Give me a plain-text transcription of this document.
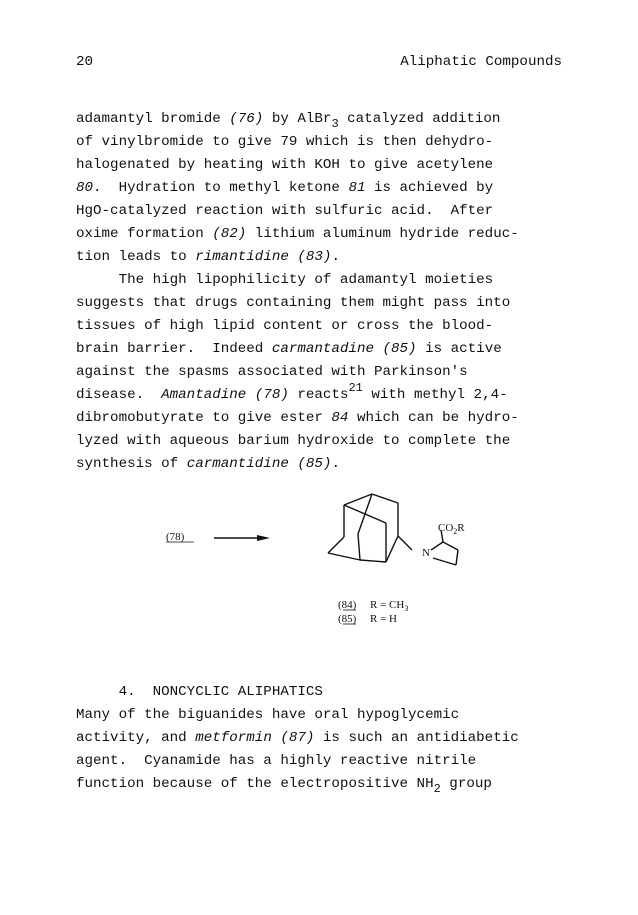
20	Aliphatic Compounds
adamantyl bromide (76) by AlBr$_3$ catalyzed addition
of vinylbromide to give 79 which is then dehydro-
halogenated by heating with KOH to give acetylene
80.  Hydration to methyl ketone 81 is achieved by
HgO-catalyzed reaction with sulfuric acid.  After
oxime formation (82) lithium aluminum hydride reduc-
tion leads to rimantidine (83).
The high lipophilicity of adamantyl moieties
suggests that drugs containing them might pass into
tissues of high lipid content or cross the blood-
brain barrier.  Indeed carmantadine (85) is active
against the spasms associated with Parkinson's
disease.  Amantadine (78) reacts$^{21}$ with methyl 2,4-
dibromobutyrate to give ester 84 which can be hydro-
lyzed with aqueous barium hydroxide to complete the
synthesis of carmantidine (85).
(78)
N
$CO_2R$
(84) $R = CH_3$
(85) R = H
4.  NONCYCLIC ALIPHATICS
Many of the biguanides have oral hypoglycemic
activity, and metformin (87) is such an antidiabetic
agent.  Cyanamide has a highly reactive nitrile
function because of the electropositive $NH_2$ group
